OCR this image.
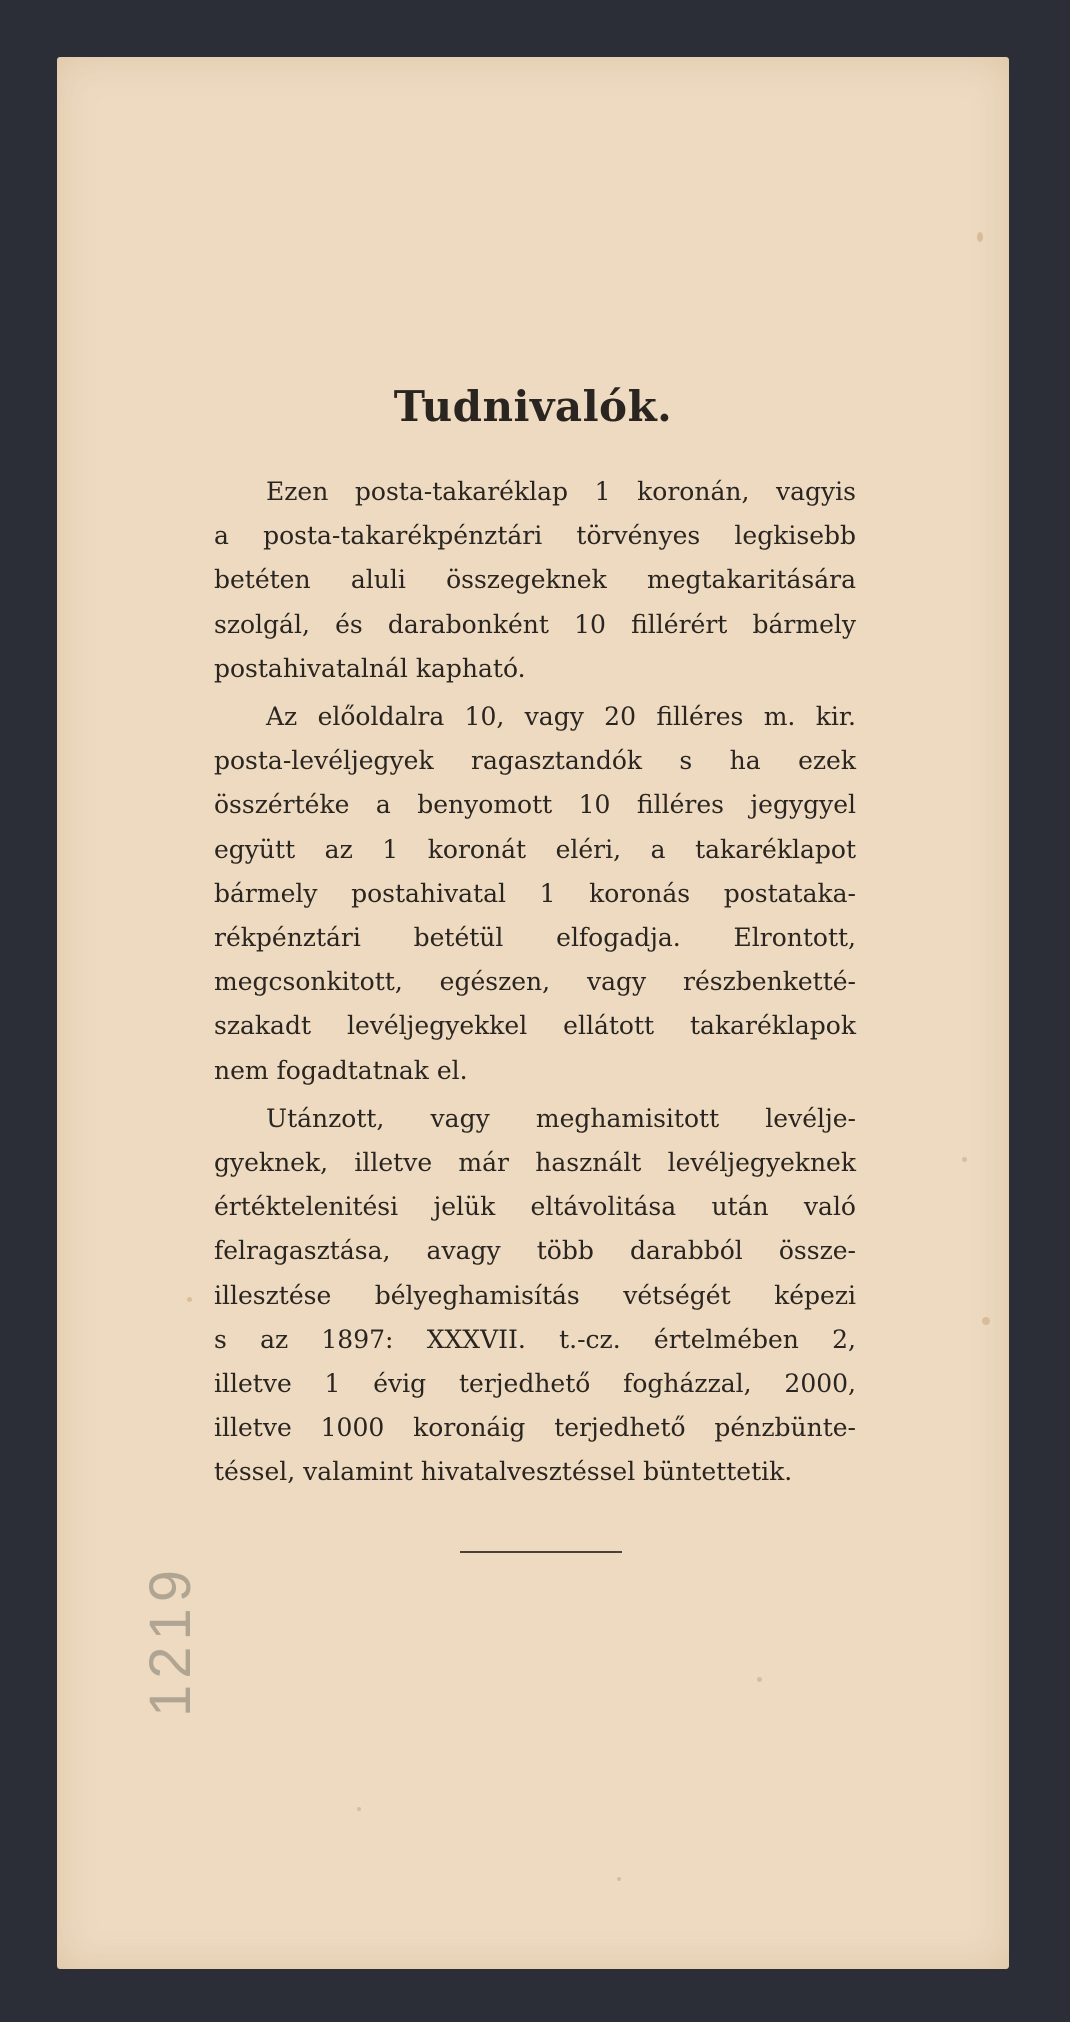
Tudnivalók.
Ezen posta-takaréklap 1 koronán, vagyis
a posta-takarékpénztári törvényes legkisebb
betéten aluli összegeknek megtakaritására
szolgál, és darabonként 10 fillérért bármely
postahivatalnál kapható.
Az előoldalra 10, vagy 20 filléres m. kir.
posta-levéljegyek ragasztandók s ha ezek
összértéke a benyomott 10 filléres jegygyel
együtt az 1 koronát eléri, a takaréklapot
bármely postahivatal 1 koronás postataka-
rékpénztári betétül elfogadja. Elrontott,
megcsonkitott, egészen, vagy részbenketté-
szakadt levéljegyekkel ellátott takaréklapok
nem fogadtatnak el.
Utánzott, vagy meghamisitott levélje-
gyeknek, illetve már használt levéljegyeknek
értéktelenitési jelük eltávolitása után való
felragasztása, avagy több darabból össze-
illesztése bélyeghamisítás vétségét képezi
s az 1897: XXXVII. t.-cz. értelmében 2,
illetve 1 évig terjedhető fogházzal, 2000,
illetve 1000 koronáig terjedhető pénzbünte-
téssel, valamint hivatalvesztéssel büntettetik.
1219
